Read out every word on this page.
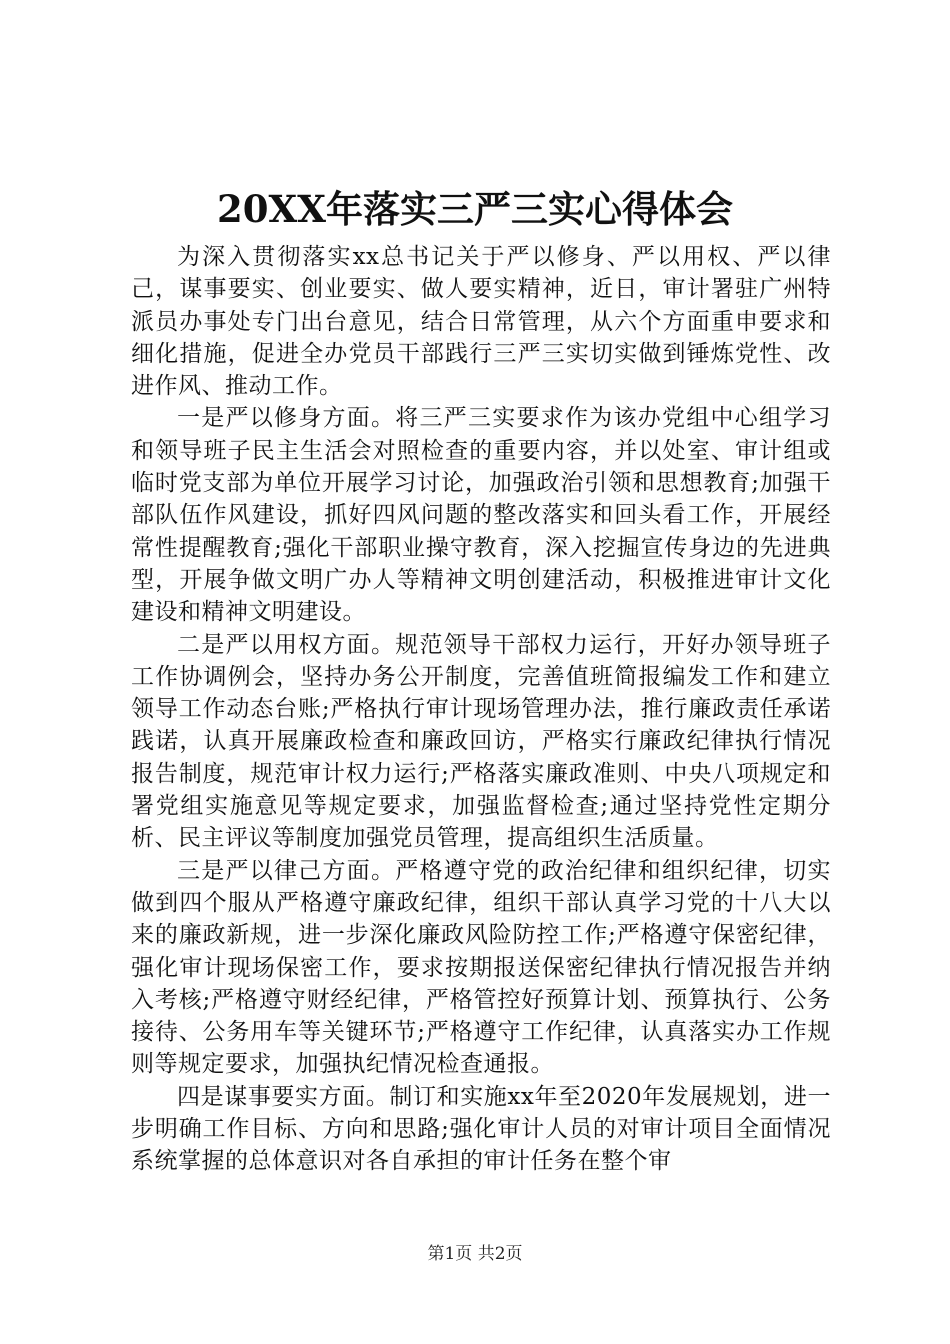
20XX年落实三严三实心得体会

为深入贯彻落实xx总书记关于严以修身、严以用权、严以律己，谋事要实、创业要实、做人要实精神，近日，审计署驻广州特派员办事处专门出台意见，结合日常管理，从六个方面重申要求和细化措施，促进全办党员干部践行三严三实切实做到锤炼党性、改进作风、推动工作。

一是严以修身方面。将三严三实要求作为该办党组中心组学习和领导班子民主生活会对照检查的重要内容，并以处室、审计组或临时党支部为单位开展学习讨论，加强政治引领和思想教育;加强干部队伍作风建设，抓好四风问题的整改落实和回头看工作，开展经常性提醒教育;强化干部职业操守教育，深入挖掘宣传身边的先进典型，开展争做文明广办人等精神文明创建活动，积极推进审计文化建设和精神文明建设。

二是严以用权方面。规范领导干部权力运行，开好办领导班子工作协调例会，坚持办务公开制度，完善值班简报编发工作和建立领导工作动态台账;严格执行审计现场管理办法，推行廉政责任承诺践诺，认真开展廉政检查和廉政回访，严格实行廉政纪律执行情况报告制度，规范审计权力运行;严格落实廉政准则、中央八项规定和署党组实施意见等规定要求，加强监督检查;通过坚持党性定期分析、民主评议等制度加强党员管理，提高组织生活质量。

三是严以律己方面。严格遵守党的政治纪律和组织纪律，切实做到四个服从严格遵守廉政纪律，组织干部认真学习党的十八大以来的廉政新规，进一步深化廉政风险防控工作;严格遵守保密纪律，强化审计现场保密工作，要求按期报送保密纪律执行情况报告并纳入考核;严格遵守财经纪律，严格管控好预算计划、预算执行、公务接待、公务用车等关键环节;严格遵守工作纪律，认真落实办工作规则等规定要求，加强执纪情况检查通报。

四是谋事要实方面。制订和实施xx年至2020年发展规划，进一步明确工作目标、方向和思路;强化审计人员的对审计项目全面情况系统掌握的总体意识对各自承担的审计任务在整个审

第1页 共2页
